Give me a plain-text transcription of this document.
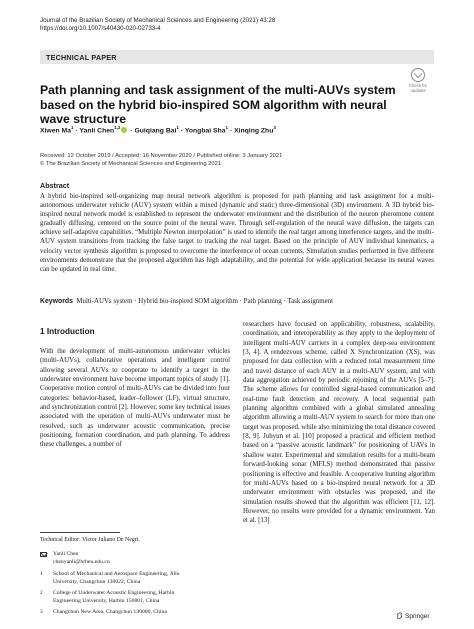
Journal of the Brazilian Society of Mechanical Sciences and Engineering (2021) 43:28
https://doi.org/10.1007/s40430-020-02733-4
TECHNICAL PAPER
Check for
updates
Path planning and task assignment of the multi-AUVs system based on the hybrid bio-inspired SOM algorithm with neural wave structure
Xiwen $Ma^1$ · Yanli Chen$^{1,2}$ · Guiqiang Bai$^1$ · Yongbai Sha$^1$ · Xinqing Zhu$^3$
Received: 12 October 2019 / Accepted: 16 November 2020 / Published online: 3 January 2021
© The Brazilian Society of Mechanical Sciences and Engineering 2021
Abstract
A hybrid bio-inspired self-organizing map neural network algorithm is proposed for path planning and task assignment for a multi-autonomous underwater vehicle (AUV) system within a mixed (dynamic and static) three-dimensional (3D) environment. A 3D hybrid bio-inspired neural network model is established to represent the underwater environment and the distribution of the neuron pheromone content gradually diffusing, centered on the source point of the neural wave. Through self-regulation of the neural wave diffusion, the targets can achieve self-adaptive capabilities. “Multiple Newton interpolation” is used to identify the real target among interference targets, and the multi-AUV system transitions from tracking the false target to tracking the real target. Based on the principle of AUV individual kinematics, a velocity vector synthesis algorithm is proposed to overcome the interference of ocean currents. Simulation studies performed in five different environments demonstrate that the proposed algorithm has high adaptability, and the potential for wide application because its neural waves can be updated in real time.
Keywords Multi-AUVs system · Hybrid bio-inspired SOM algorithm · Path planning · Task assignment
1 Introduction
With the development of multi-autonomous underwater vehicles (multi-AUVs), collaborative operations and intelligent control allowing several AUVs to cooperate to identify a target in the underwater environment have become important topics of study [1]. Cooperative motion control of multi-AUVs can be divided into four categories: behavior-based, leader–follower (LF), virtual structure, and synchronization control [2]. However, some key technical issues associated with the operation of multi-AUVs underwater must be resolved, such as underwater acoustic communication, precise positioning, formation coordination, and path planning. To address these challenges, a number of
researchers have focused on applicability, robustness, scalability, coordination, and interoperability as they apply to the deployment of intelligent multi-AUV carriers in a complex deep-sea environment [3, 4]. A rendezvous scheme, called X Synchronization (XS), was proposed for data collection with a reduced total measurement time and travel distance of each AUV in a multi-AUV system, and with data aggregation achieved by periodic rejoining of the AUVs [5–7]. The scheme allows for controlled signal-based communication and real-time fault detection and recovery. A local sequential path planning algorithm combined with a global simulated annealing algorithm allowing a multi-AUV system to search for more than one target was proposed, while also minimizing the total distance covered [8, 9]. Juhyun et al. [10] proposed a practical and efficient method based on a “passive acoustic landmark” for positioning of UAVs in shallow water. Experimental and simulation results for a multi-beam forward-looking sonar (MFLS) method demonstrated that passive positioning is effective and feasible. A cooperative hunting algorithm for multi-AUVs based on a bio-inspired neural network for a 3D underwater environment with obstacles was proposed, and the simulation results showed that the algorithm was efficient [11, 12]. However, no results were provided for a dynamic environment. Yan et al. [13]
Technical Editor: Victor Juliano De Negri.
Yanli Chen
chenyanli@hrbeu.edu.cn
1 School of Mechanical and Aerospace Engineering, Jilin
University, Changchun 130022, China
2 College of Underwater Acoustic Engineering, Harbin
Engineering University, Harbin 150001, China
3 Changchun New Area, Changchun 130000, China
Springer
